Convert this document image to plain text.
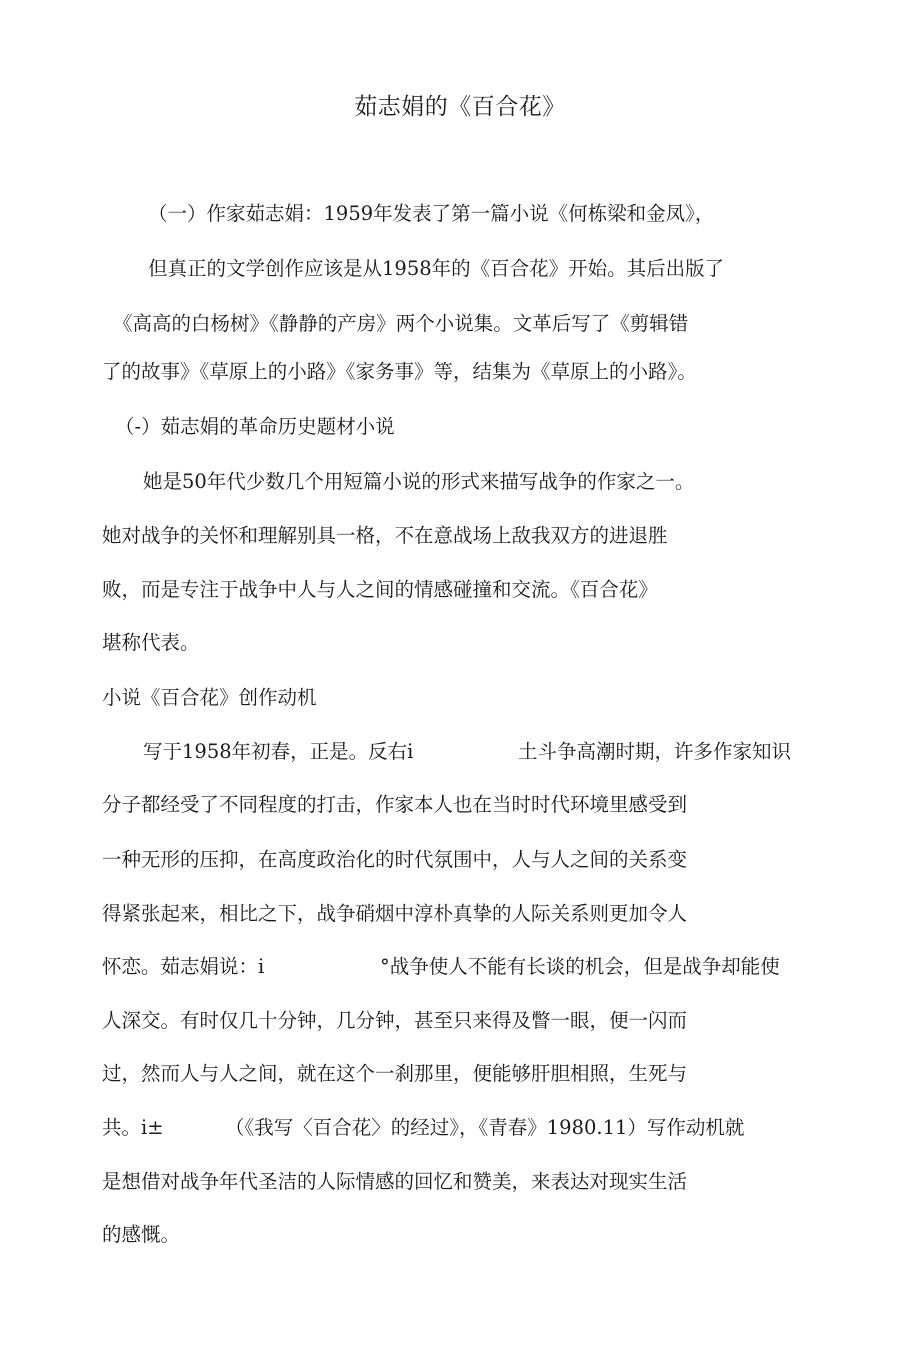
茹志娟的《百合花》
（一）作家茹志娟：1959年发表了第一篇小说《何栋梁和金凤》，
但真正的文学创作应该是从1958年的《百合花》开始。其后出版了
《高高的白杨树》《静静的产房》两个小说集。文革后写了《剪辑错
了的故事》《草原上的小路》《家务事》等，结集为《草原上的小路》。
（-）茹志娟的革命历史题材小说
她是50年代少数几个用短篇小说的形式来描写战争的作家之一。
她对战争的关怀和理解别具一格，不在意战场上敌我双方的进退胜
败，而是专注于战争中人与人之间的情感碰撞和交流。《百合花》
堪称代表。
小说《百合花》创作动机
写于1958年初春，正是。反右i	土斗争高潮时期，许多作家知识
分子都经受了不同程度的打击，作家本人也在当时时代环境里感受到
一种无形的压抑，在高度政治化的时代氛围中，人与人之间的关系变
得紧张起来，相比之下，战争硝烟中淳朴真挚的人际关系则更加令人
怀恋。茹志娟说：i	°战争使人不能有长谈的机会，但是战争却能使
人深交。有时仅几十分钟，几分钟，甚至只来得及瞥一眼，便一闪而
过，然而人与人之间，就在这个一刹那里，便能够肝胆相照，生死与
共。i±	（《我写〈百合花〉的经过》，《青春》1980.11）写作动机就
是想借对战争年代圣洁的人际情感的回忆和赞美，来表达对现实生活
的感慨。
